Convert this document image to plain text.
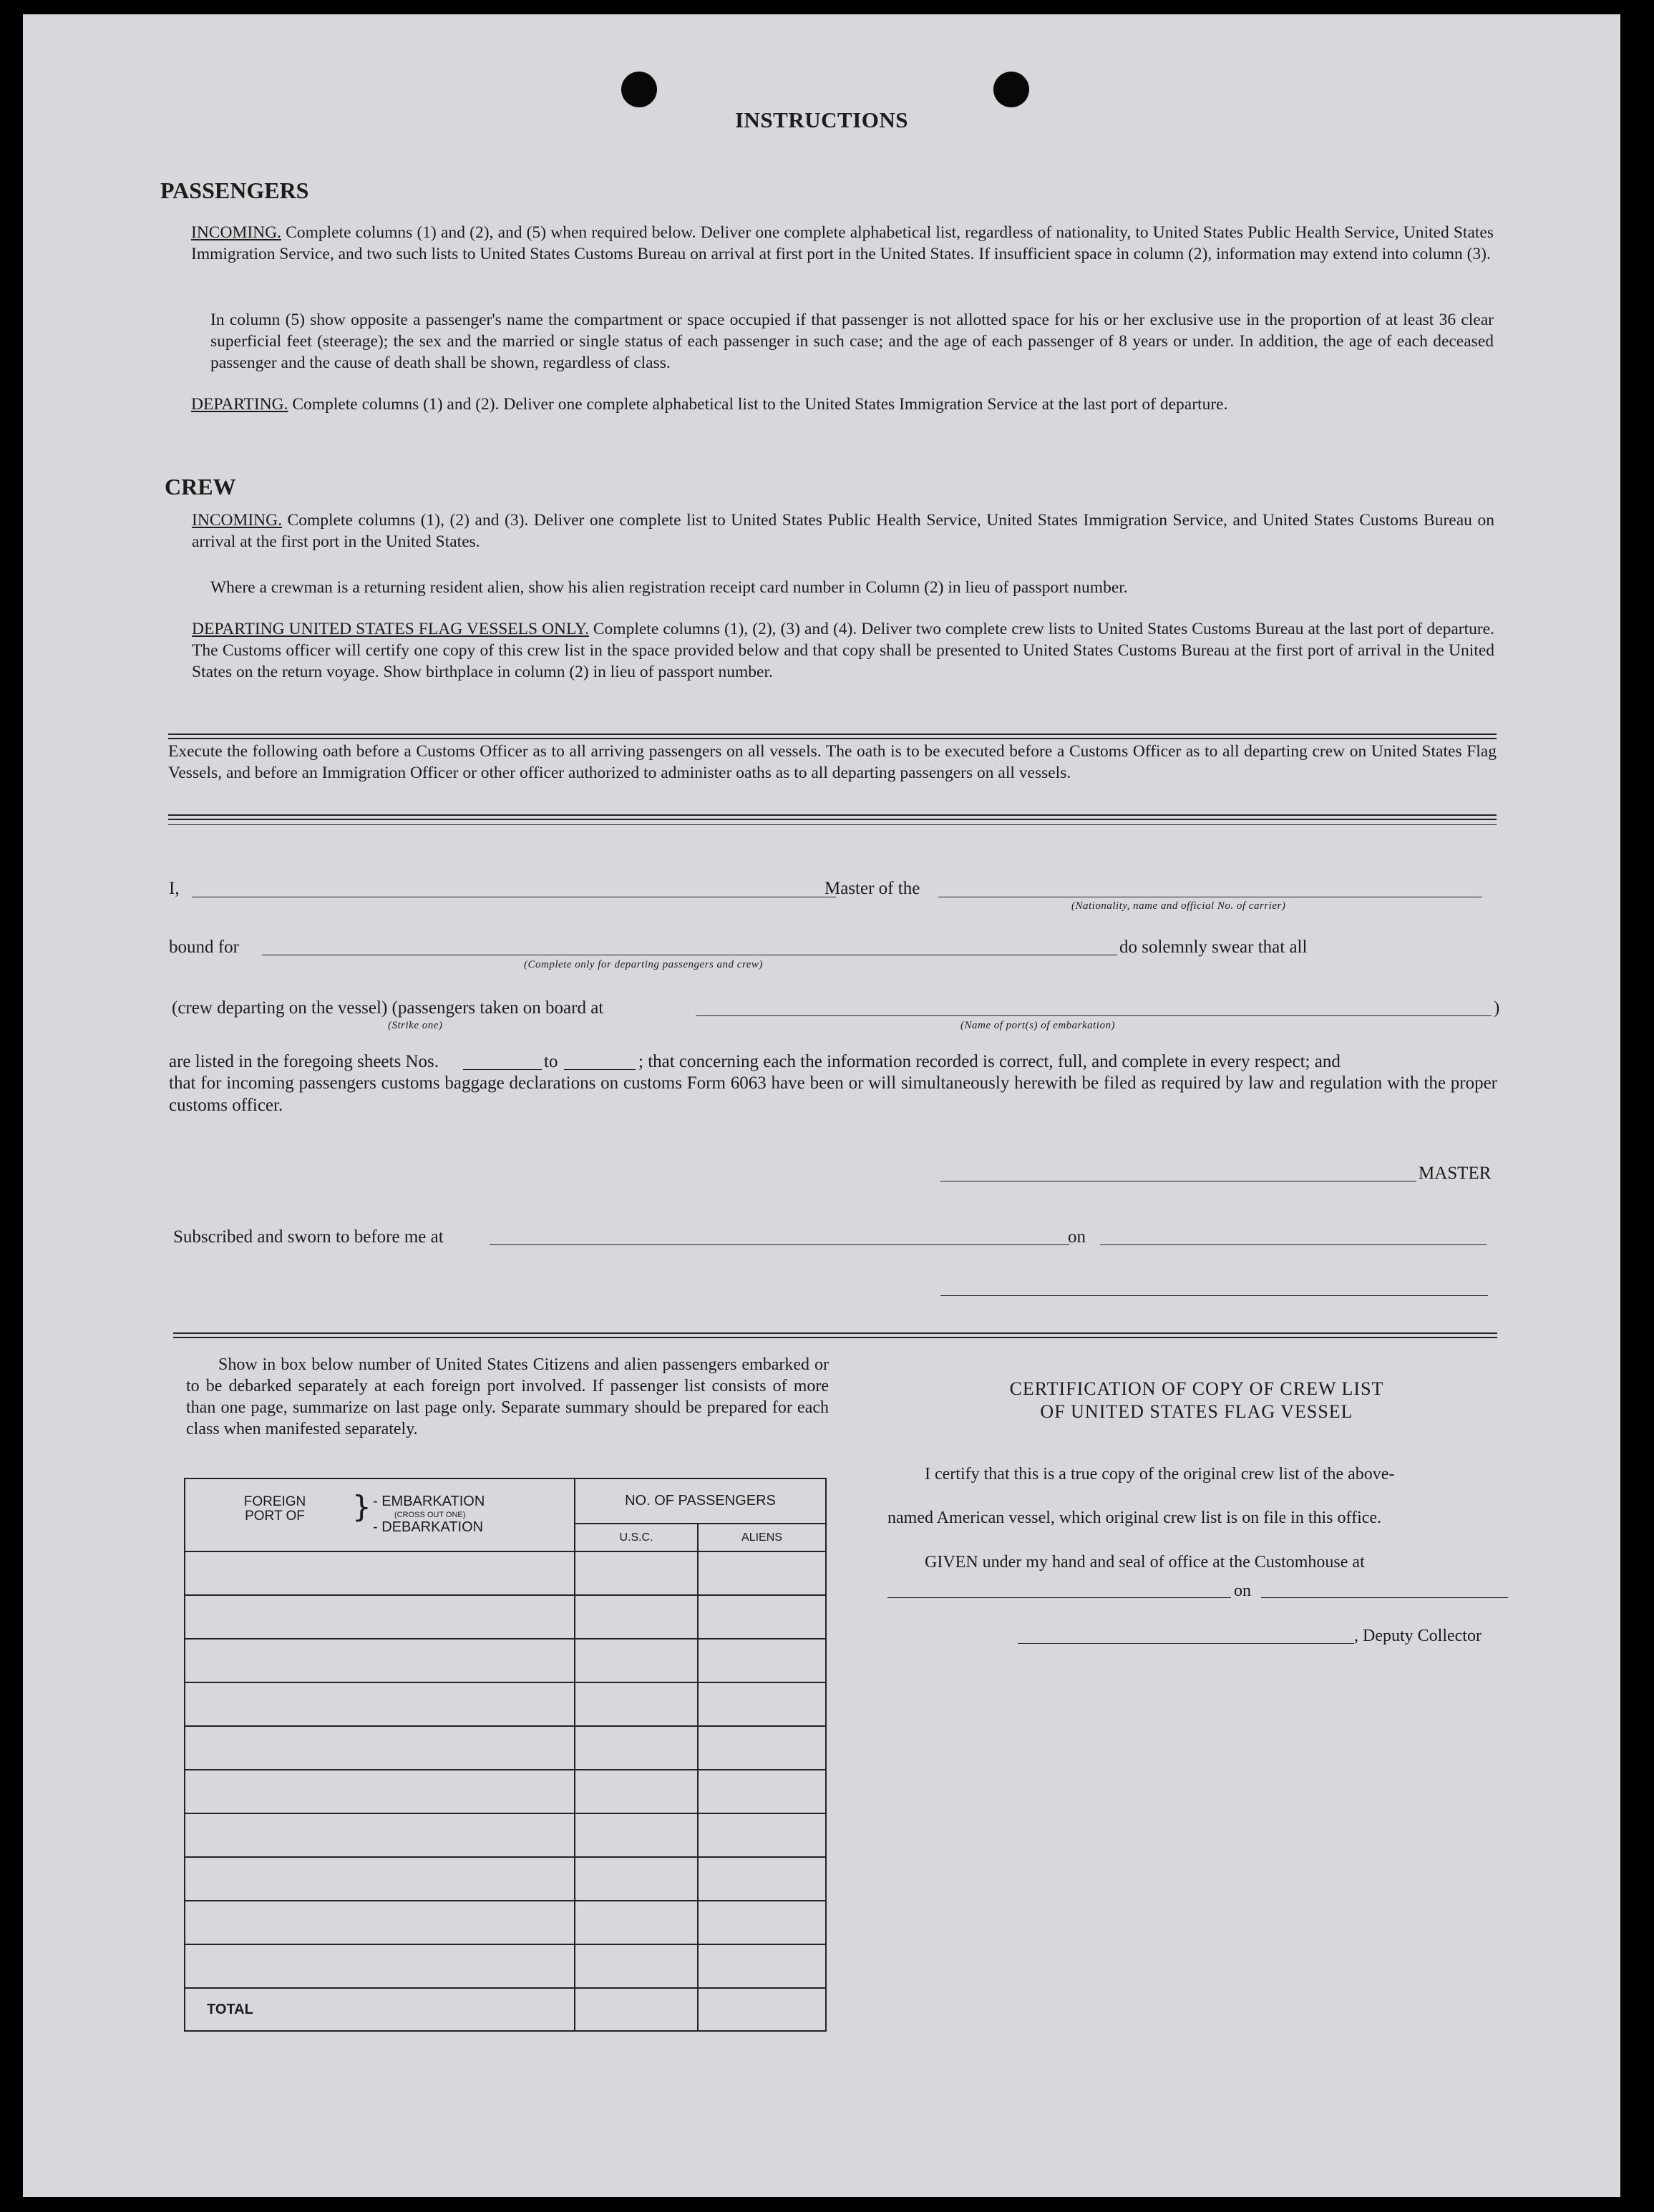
INSTRUCTIONS
PASSENGERS
INCOMING. Complete columns (1) and (2), and (5) when required below. Deliver one complete alphabetical list, regardless of nationality, to United States Public Health Service, United States Immigration Service, and two such lists to United States Customs Bureau on arrival at first port in the United States. If insufficient space in column (2), information may extend into column (3).
In column (5) show opposite a passenger's name the compartment or space occupied if that passenger is not allotted space for his or her exclusive use in the proportion of at least 36 clear superficial feet (steerage); the sex and the married or single status of each passenger in such case; and the age of each passenger of 8 years or under. In addition, the age of each deceased passenger and the cause of death shall be shown, regardless of class.
DEPARTING. Complete columns (1) and (2). Deliver one complete alphabetical list to the United States Immigration Service at the last port of departure.
CREW
INCOMING. Complete columns (1), (2) and (3). Deliver one complete list to United States Public Health Service, United States Immigration Service, and United States Customs Bureau on arrival at the first port in the United States.
Where a crewman is a returning resident alien, show his alien registration receipt card number in Column (2) in lieu of passport number.
DEPARTING UNITED STATES FLAG VESSELS ONLY. Complete columns (1), (2), (3) and (4). Deliver two complete crew lists to United States Customs Bureau at the last port of departure. The Customs officer will certify one copy of this crew list in the space provided below and that copy shall be presented to United States Customs Bureau at the first port of arrival in the United States on the return voyage. Show birthplace in column (2) in lieu of passport number.
Execute the following oath before a Customs Officer as to all arriving passengers on all vessels. The oath is to be executed before a Customs Officer as to all departing crew on United States Flag Vessels, and before an Immigration Officer or other officer authorized to administer oaths as to all departing passengers on all vessels.
I,	Master of the
(Nationality, name and official No. of carrier)
bound for	do solemnly swear that all
(Complete only for departing passengers and crew)
(crew departing on the vessel) (passengers taken on board at	)
(Strike one)	(Name of port(s) of embarkation)
are listed in the foregoing sheets Nos.	to	; that concerning each the information recorded is correct, full, and complete in every respect; and
that for incoming passengers customs baggage declarations on customs Form 6063 have been or will simultaneously herewith be filed as required by law and regulation with the proper customs officer.
MASTER
Subscribed and sworn to before me at	on
Show in box below number of United States Citizens and alien passengers embarked or to be debarked separately at each foreign port involved. If passenger list consists of more than one page, summarize on last page only. Separate summary should be prepared for each class when manifested separately.
FOREIGN PORT OF } - EMBARKATION
(CROSS OUT ONE)
- DEBARKATION	NO. OF PASSENGERS	
	U.S.C.	ALIENS

TOTAL		
CERTIFICATION OF COPY OF CREW LIST
OF UNITED STATES FLAG VESSEL
I certify that this is a true copy of the original crew list of the above-
named American vessel, which original crew list is on file in this office.
GIVEN under my hand and seal of office at the Customhouse at
on
, Deputy Collector
